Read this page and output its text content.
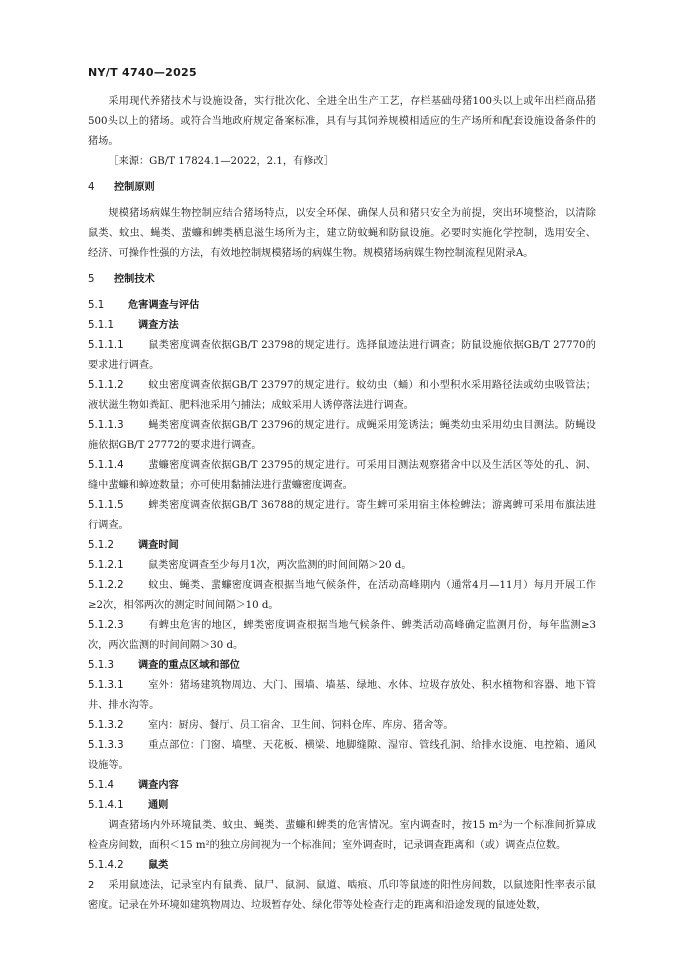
NY/T 4740—2025

采用现代养猪技术与设施设备，实行批次化、全进全出生产工艺，存栏基础母猪100头以上或年出栏商品猪500头以上的猪场。或符合当地政府规定备案标准，具有与其饲养规模相适应的生产场所和配套设施设备条件的猪场。

［来源：GB/T 17824.1—2022，2.1，有修改］

4 控制原则

规模猪场病媒生物控制应结合猪场特点，以安全环保、确保人员和猪只安全为前提，突出环境整治，以清除鼠类、蚊虫、蝇类、蜚蠊和蜱类栖息滋生场所为主，建立防蚊蝇和防鼠设施。必要时实施化学控制，选用安全、经济、可操作性强的方法，有效地控制规模猪场的病媒生物。规模猪场病媒生物控制流程见附录A。

5 控制技术

5.1 危害调查与评估

5.1.1 调查方法

5.1.1.1 鼠类密度调查依据GB/T 23798的规定进行。选择鼠迹法进行调查；防鼠设施依据GB/T 27770的要求进行调查。

5.1.1.2 蚊虫密度调查依据GB/T 23797的规定进行。蚊幼虫（蛹）和小型积水采用路径法或幼虫吸管法；液状滋生物如粪缸、肥料池采用勺捕法；成蚊采用人诱停落法进行调查。

5.1.1.3 蝇类密度调查依据GB/T 23796的规定进行。成蝇采用笼诱法；蝇类幼虫采用幼虫目测法。防蝇设施依据GB/T 27772的要求进行调查。

5.1.1.4 蜚蠊密度调查依据GB/T 23795的规定进行。可采用目测法观察猪舍中以及生活区等处的孔、洞、缝中蜚蠊和蟑迹数量；亦可使用黏捕法进行蜚蠊密度调查。

5.1.1.5 蜱类密度调查依据GB/T 36788的规定进行。寄生蜱可采用宿主体检蜱法；游离蜱可采用布旗法进行调查。

5.1.2 调查时间

5.1.2.1 鼠类密度调查至少每月1次，两次监测的时间间隔＞20 d。

5.1.2.2 蚊虫、蝇类、蜚蠊密度调查根据当地气候条件，在活动高峰期内（通常4月—11月）每月开展工作≥2次，相邻两次的测定时间间隔＞10 d。

5.1.2.3 有蜱虫危害的地区，蜱类密度调查根据当地气候条件、蜱类活动高峰确定监测月份，每年监测≥3次，两次监测的时间间隔＞30 d。

5.1.3 调查的重点区域和部位

5.1.3.1 室外：猪场建筑物周边、大门、围墙、墙基、绿地、水体、垃圾存放处、积水植物和容器、地下管井、排水沟等。

5.1.3.2 室内：厨房、餐厅、员工宿舍、卫生间、饲料仓库、库房、猪舍等。

5.1.3.3 重点部位：门窗、墙壁、天花板、横梁、地脚缝隙、湿帘、管线孔洞、给排水设施、电控箱、通风设施等。

5.1.4 调查内容

5.1.4.1 通则

调查猪场内外环境鼠类、蚊虫、蝇类、蜚蠊和蜱类的危害情况。室内调查时，按15 m²为一个标准间折算成检查房间数，面积＜15 m²的独立房间视为一个标准间；室外调查时，记录调查距离和（或）调查点位数。

5.1.4.2 鼠类

采用鼠迹法，记录室内有鼠粪、鼠尸、鼠洞、鼠道、啮痕、爪印等鼠迹的阳性房间数，以鼠迹阳性率表示鼠密度。记录在外环境如建筑物周边、垃圾暂存处、绿化带等处检查行走的距离和沿途发现的鼠迹处数，

2
